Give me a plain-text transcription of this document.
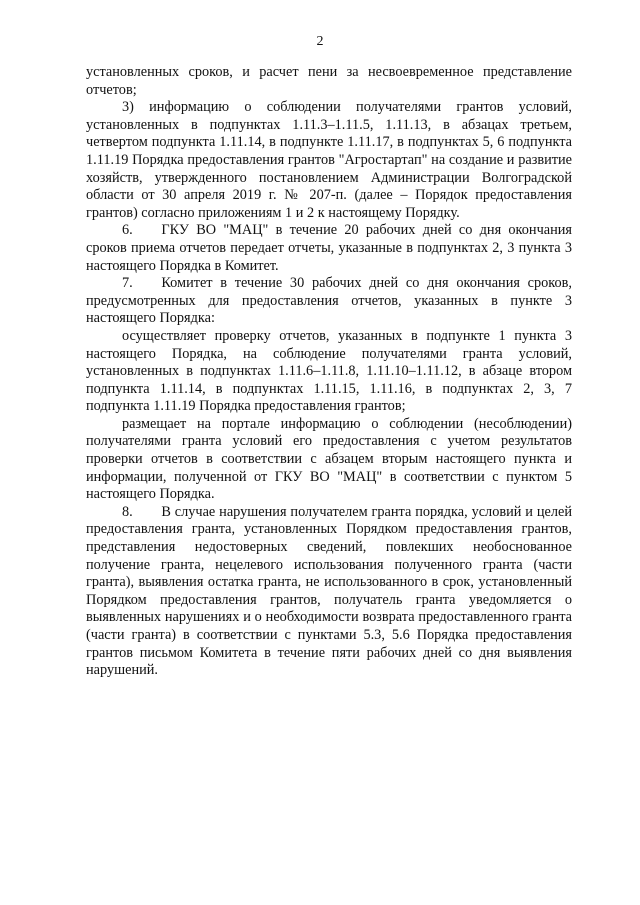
2

установленных сроков, и расчет пени за несвоевременное представление отчетов;

3) информацию о соблюдении получателями грантов условий, установленных в подпунктах 1.11.3–1.11.5, 1.11.13, в абзацах третьем, четвертом подпункта 1.11.14, в подпункте 1.11.17, в подпунктах 5, 6 подпункта 1.11.19 Порядка предоставления грантов "Агростартап" на создание и развитие хозяйств, утвержденного постановлением Администрации Волгоградской области от 30 апреля 2019 г. № 207-п. (далее – Порядок предоставления грантов) согласно приложениям 1 и 2 к настоящему Порядку.

6.  ГКУ ВО "МАЦ" в течение 20 рабочих дней со дня окончания сроков приема отчетов передает отчеты, указанные в подпунктах 2, 3 пункта 3 настоящего Порядка в Комитет.

7.  Комитет в течение 30 рабочих дней со дня окончания сроков, предусмотренных для предоставления отчетов, указанных в пункте 3 настоящего Порядка:

осуществляет проверку отчетов, указанных в подпункте 1 пункта 3 настоящего Порядка, на соблюдение получателями гранта условий, установленных в подпунктах 1.11.6–1.11.8, 1.11.10–1.11.12, в абзаце втором подпункта 1.11.14, в подпунктах 1.11.15, 1.11.16, в подпунктах 2, 3, 7 подпункта 1.11.19 Порядка предоставления грантов;

размещает на портале информацию о соблюдении (несоблюдении) получателями гранта условий его предоставления с учетом результатов проверки отчетов в соответствии с абзацем вторым настоящего пункта и информации, полученной от ГКУ ВО "МАЦ" в соответствии с пунктом 5 настоящего Порядка.

8.  В случае нарушения получателем гранта порядка, условий и целей предоставления гранта, установленных Порядком предоставления грантов, представления недостоверных сведений, повлекших необоснованное получение гранта, нецелевого использования полученного гранта (части гранта), выявления остатка гранта, не использованного в срок, установленный Порядком предоставления грантов, получатель гранта уведомляется о выявленных нарушениях и о необходимости возврата предоставленного гранта (части гранта) в соответствии с пунктами 5.3, 5.6 Порядка предоставления грантов письмом Комитета в течение пяти рабочих дней со дня выявления нарушений.
